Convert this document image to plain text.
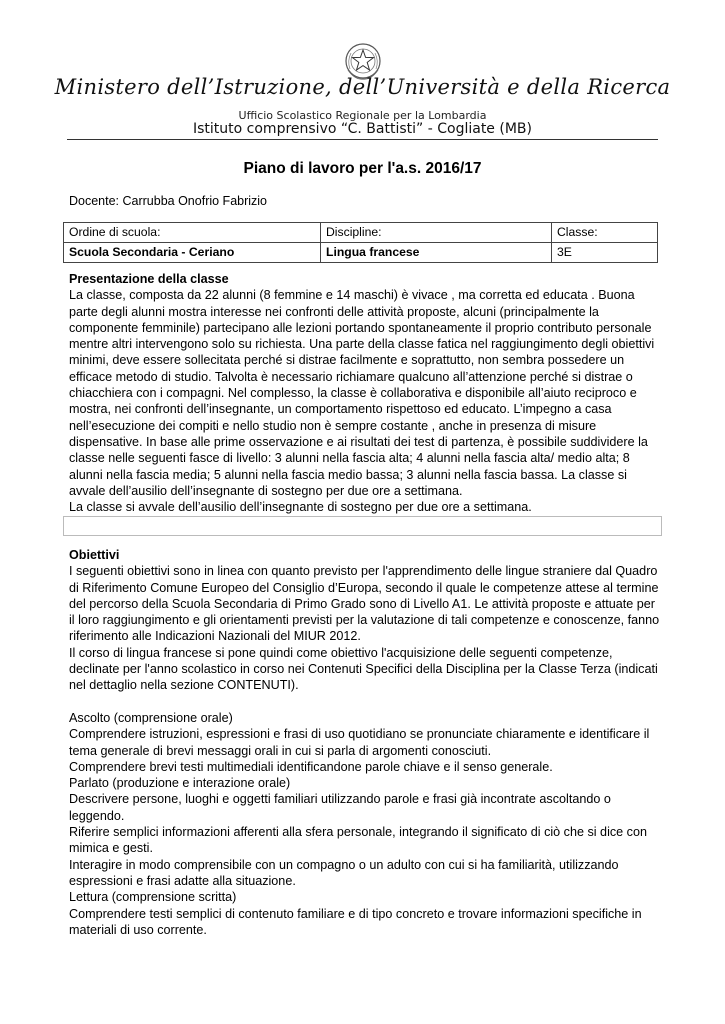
Ministero dell’Istruzione, dell’Università e della Ricerca
Ufficio Scolastico Regionale per la Lombardia
Istituto comprensivo “C. Battisti” - Cogliate (MB)
Piano di lavoro per l'a.s. 2016/17
Docente: Carrubba Onofrio Fabrizio
Ordine di scuola:	Discipline:	Classe:
Scuola Secondaria - Ceriano	Lingua francese	3E

Presentazione della classe

La classe, composta da 22 alunni (8 femmine e 14 maschi) è vivace , ma corretta ed educata . Buona parte degli alunni mostra interesse nei confronti delle attività proposte, alcuni (principalmente la componente femminile) partecipano alle lezioni portando spontaneamente il proprio contributo personale mentre altri intervengono solo su richiesta. Una parte della classe fatica nel raggiungimento degli obiettivi minimi, deve essere sollecitata perché si distrae facilmente e soprattutto, non sembra possedere un efficace metodo di studio. Talvolta è necessario richiamare qualcuno all’attenzione perché si distrae o chiacchiera con i compagni. Nel complesso, la classe è collaborativa e disponibile all’aiuto reciproco e mostra, nei confronti dell’insegnante, un comportamento rispettoso ed educato. L’impegno a casa nell’esecuzione dei compiti e nello studio non è sempre costante , anche in presenza di misure dispensative. In base alle prime osservazione e ai risultati dei test di partenza, è possibile suddividere la classe nelle seguenti fasce di livello: 3 alunni nella fascia alta; 4 alunni nella fascia alta/ medio alta; 8 alunni nella fascia media; 5 alunni nella fascia medio bassa; 3 alunni nella fascia bassa. La classe si avvale dell’ausilio dell’insegnante di sostegno per due ore a settimana.

La classe si avvale dell’ausilio dell’insegnante di sostegno per due ore a settimana.

Obiettivi

I seguenti obiettivi sono in linea con quanto previsto per l'apprendimento delle lingue straniere dal Quadro di Riferimento Comune Europeo del Consiglio d’Europa, secondo il quale le competenze attese al termine del percorso della Scuola Secondaria di Primo Grado sono di Livello A1. Le attività proposte e attuate per il loro raggiungimento e gli orientamenti previsti per la valutazione di tali competenze e conoscenze, fanno riferimento alle Indicazioni Nazionali del MIUR 2012.

Il corso di lingua francese si pone quindi come obiettivo l'acquisizione delle seguenti competenze, declinate per l'anno scolastico in corso nei Contenuti Specifici della Disciplina per la Classe Terza (indicati nel dettaglio nella sezione CONTENUTI).

Ascolto (comprensione orale)

Comprendere istruzioni, espressioni e frasi di uso quotidiano se pronunciate chiaramente e identificare il tema generale di brevi messaggi orali in cui si parla di argomenti conosciuti.

Comprendere brevi testi multimediali identificandone parole chiave e il senso generale.

Parlato (produzione e interazione orale)

Descrivere persone, luoghi e oggetti familiari utilizzando parole e frasi già incontrate ascoltando o leggendo.

Riferire semplici informazioni afferenti alla sfera personale, integrando il significato di ciò che si dice con mimica e gesti.

Interagire in modo comprensibile con un compagno o un adulto con cui si ha familiarità, utilizzando espressioni e frasi adatte alla situazione.

Lettura (comprensione scritta)

Comprendere testi semplici di contenuto familiare e di tipo concreto e trovare informazioni specifiche in materiali di uso corrente.
